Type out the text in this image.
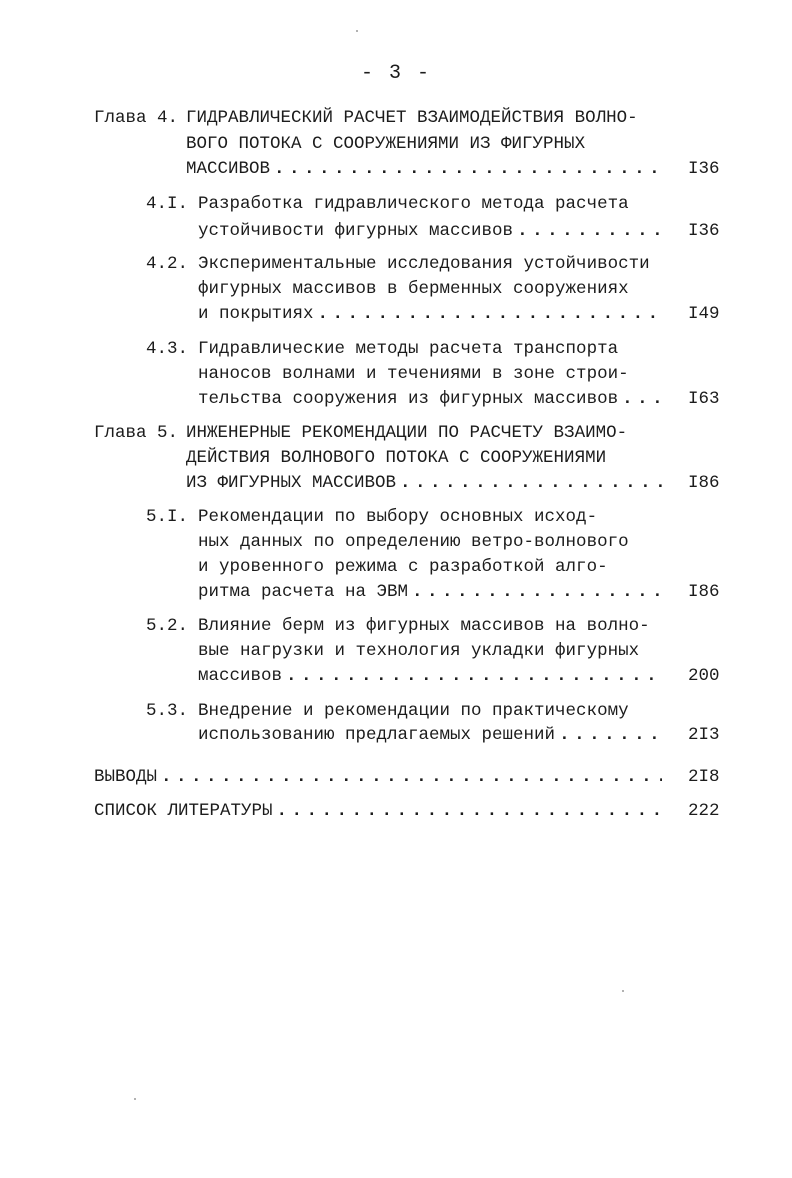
- 3 -
Глава 4. ГИДРАВЛИЧЕСКИЙ РАСЧЕТ ВЗАИМОДЕЙСТВИЯ ВОЛНО-
ВОГО ПОТОКА С СООРУЖЕНИЯМИ ИЗ ФИГУРНЫХ
МАССИВОВ . . .	I36
4.I. Разработка гидравлического метода расчета
устойчивости фигурных массивов . . .	I36
4.2. Экспериментальные исследования устойчивости
фигурных массивов в берменных сооружениях
и покрытиях . . .	I49
4.3. Гидравлические методы расчета транспорта
наносов волнами и течениями в зоне строи-
тельства сооружения из фигурных массивов . . .	I63
Глава 5. ИНЖЕНЕРНЫЕ РЕКОМЕНДАЦИИ ПО РАСЧЕТУ ВЗАИМО-
ДЕЙСТВИЯ ВОЛНОВОГО ПОТОКА С СООРУЖЕНИЯМИ
ИЗ ФИГУРНЫХ МАССИВОВ . . .	I86
5.I. Рекомендации по выбору основных исход-
ных данных по определению ветро-волнового
и уровенного режима с разработкой алго-
ритма расчета на ЭВМ . . .	I86
5.2. Влияние берм из фигурных массивов на волно-
вые нагрузки и технология укладки фигурных
массивов . . .	200
5.3. Внедрение и рекомендации по практическому
использованию предлагаемых решений . . .	2I3
ВЫВОДЫ . . .	2I8
СПИСОК ЛИТЕРАТУРЫ . . .	222
